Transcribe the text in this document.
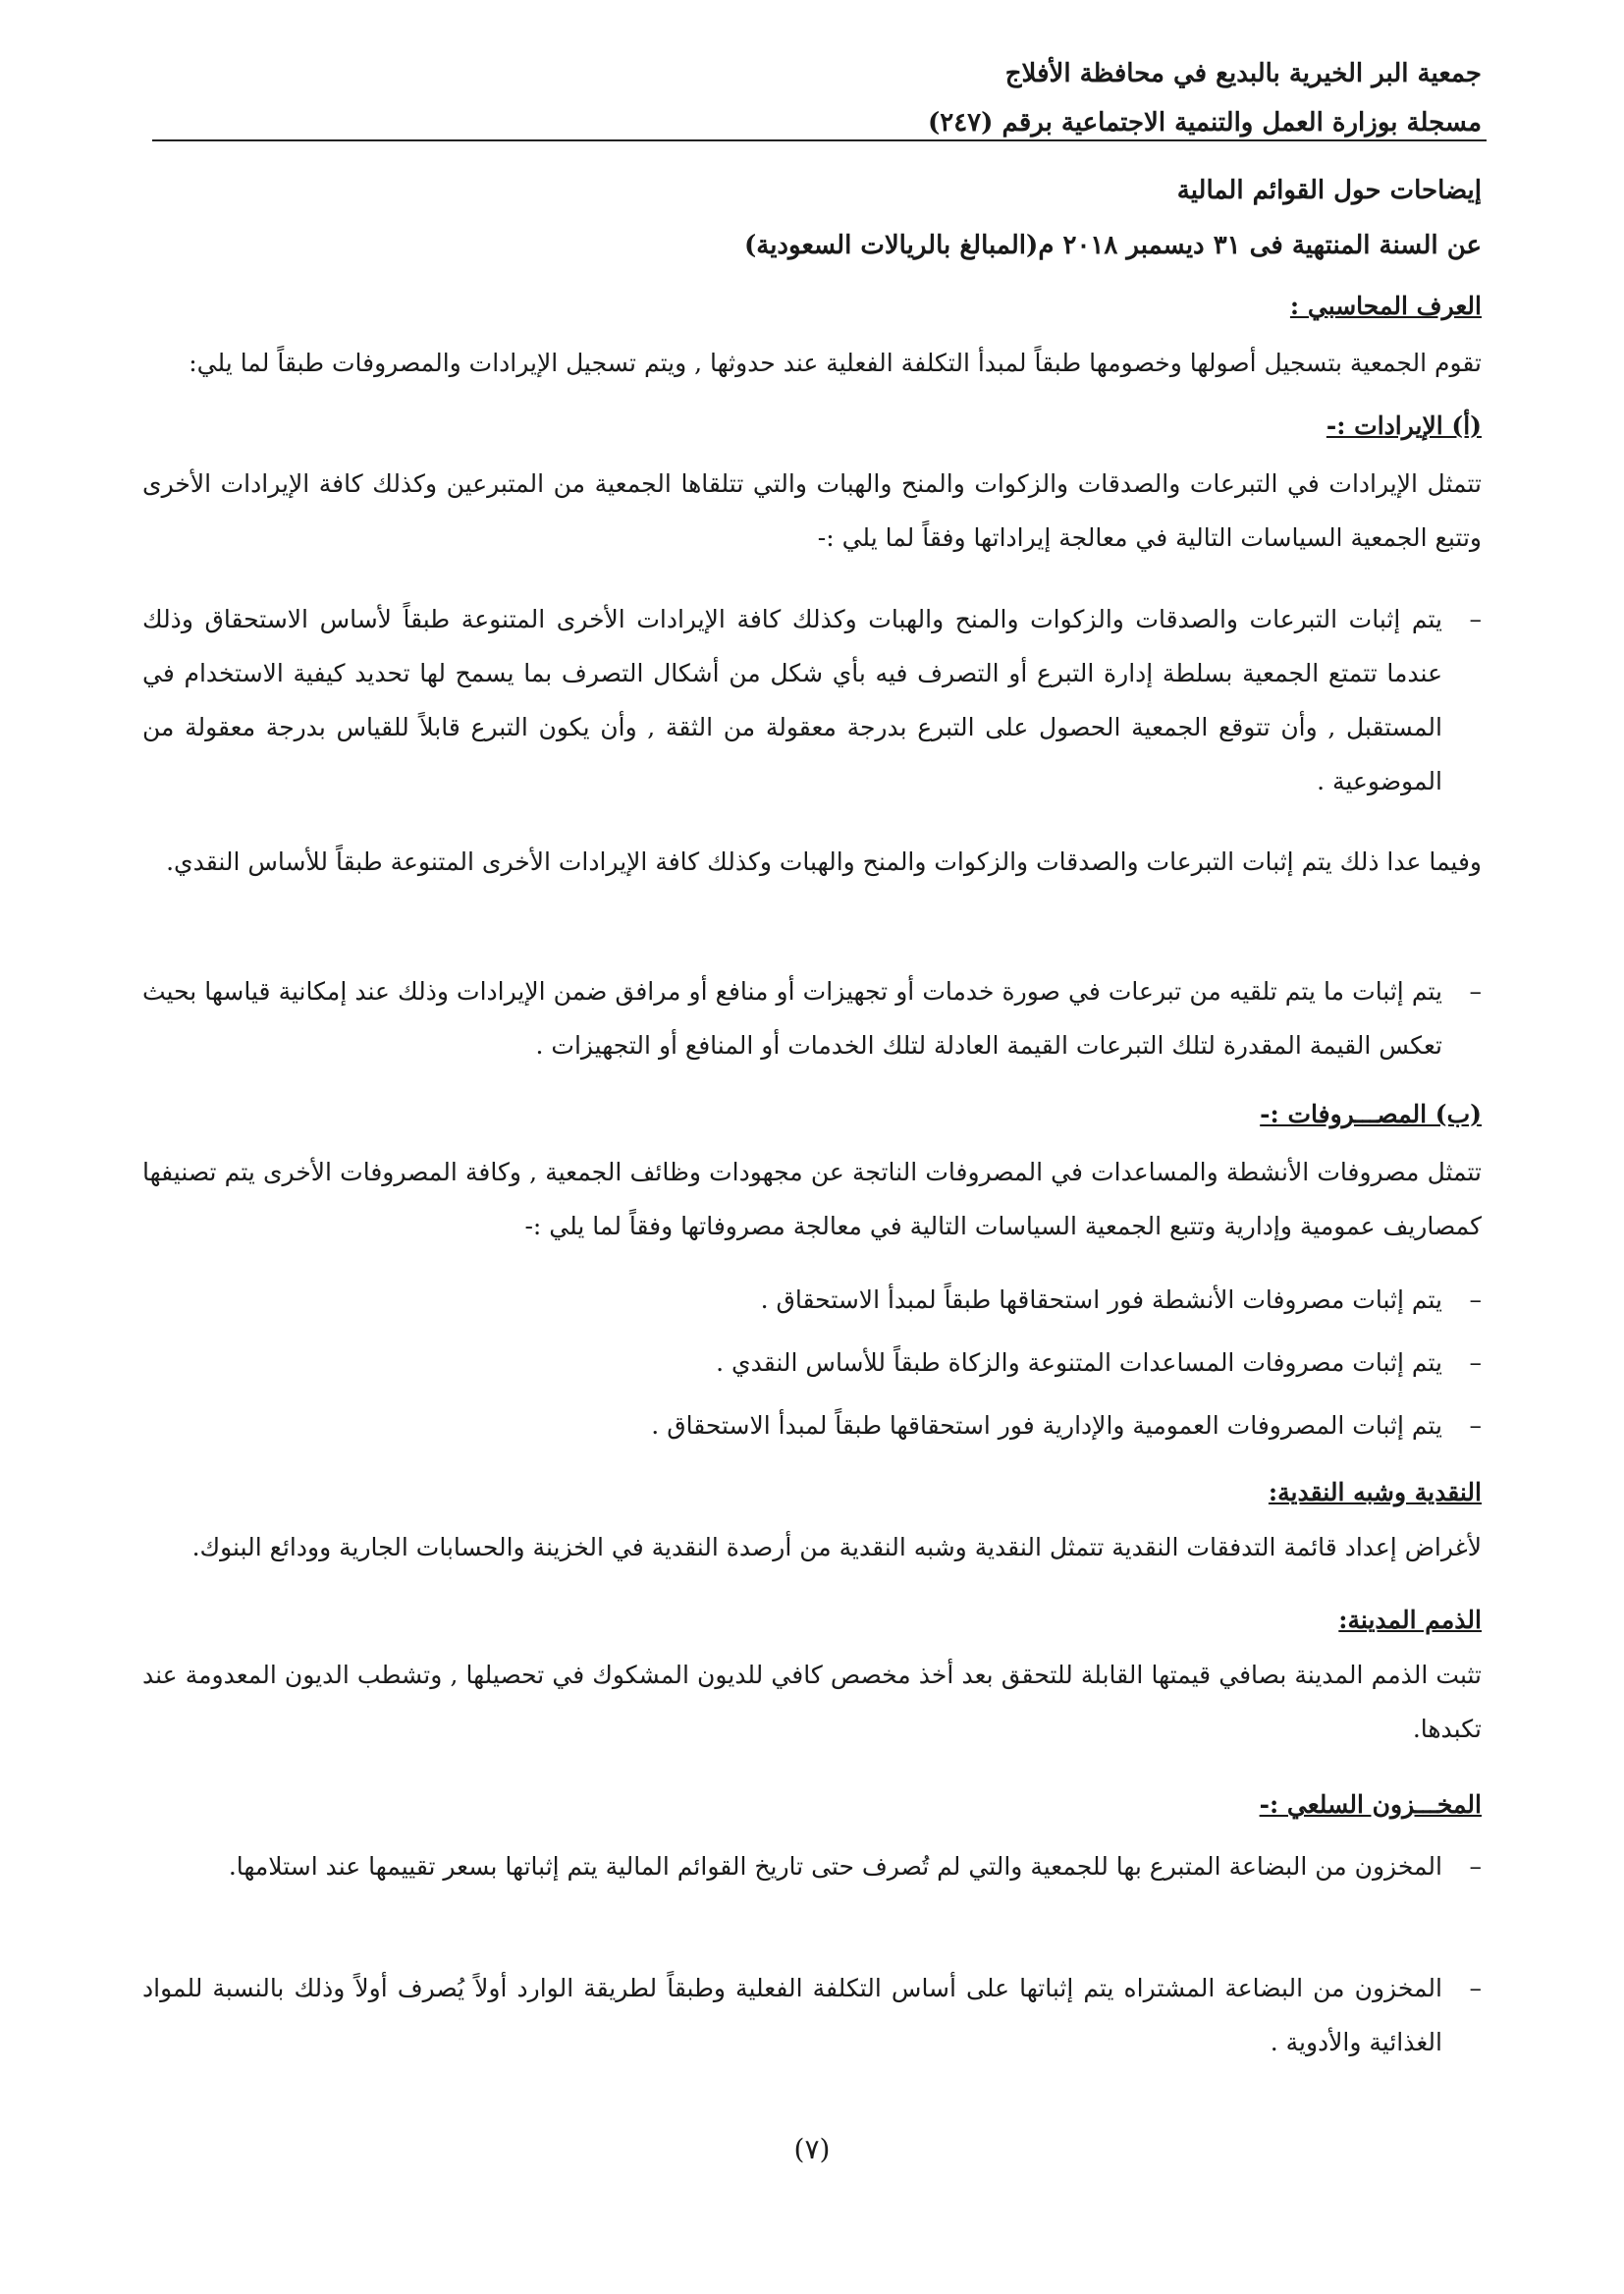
جمعية البر الخيرية بالبديع في محافظة الأفلاج
مسجلة بوزارة العمل والتنمية الاجتماعية برقم (٢٤٧)
إيضاحات حول القوائم المالية
عن السنة المنتهية فى ٣١ ديسمبر ٢٠١٨ م(المبالغ بالريالات السعودية)
العرف المحاسبي :
تقوم الجمعية بتسجيل أصولها وخصومها طبقاً لمبدأ التكلفة الفعلية عند حدوثها , ويتم تسجيل الإيرادات والمصروفات طبقاً لما يلي:
(أ) الإيرادات :-
تتمثل الإيرادات في التبرعات والصدقات والزكوات والمنح والهبات والتي تتلقاها الجمعية من المتبرعين وكذلك كافة الإيرادات الأخرى وتتبع الجمعية السياسات التالية في معالجة إيراداتها وفقاً لما يلي :-
–
يتم إثبات التبرعات والصدقات والزكوات والمنح والهبات وكذلك كافة الإيرادات الأخرى المتنوعة طبقاً لأساس الاستحقاق وذلك عندما تتمتع الجمعية بسلطة إدارة التبرع أو التصرف فيه بأي شكل من أشكال التصرف بما يسمح لها تحديد كيفية الاستخدام في المستقبل , وأن تتوقع الجمعية الحصول على التبرع بدرجة معقولة من الثقة , وأن يكون التبرع قابلاً للقياس بدرجة معقولة من الموضوعية .
وفيما عدا ذلك يتم إثبات التبرعات والصدقات والزكوات والمنح والهبات وكذلك كافة الإيرادات الأخرى المتنوعة طبقاً للأساس النقدي.
–
يتم إثبات ما يتم تلقيه من تبرعات في صورة خدمات أو تجهيزات أو منافع أو مرافق ضمن الإيرادات وذلك عند إمكانية قياسها بحيث تعكس القيمة المقدرة لتلك التبرعات القيمة العادلة لتلك الخدمات أو المنافع أو التجهيزات .
(ب) المصـــروفات :-
تتمثل مصروفات الأنشطة والمساعدات في المصروفات الناتجة عن مجهودات وظائف الجمعية , وكافة المصروفات الأخرى يتم تصنيفها كمصاريف عمومية وإدارية وتتبع الجمعية السياسات التالية في معالجة مصروفاتها وفقاً لما يلي :-
–
يتم إثبات مصروفات الأنشطة فور استحقاقها طبقاً لمبدأ الاستحقاق .
–
يتم إثبات مصروفات المساعدات المتنوعة والزكاة طبقاً للأساس النقدي .
–
يتم إثبات المصروفات العمومية والإدارية فور استحقاقها طبقاً لمبدأ الاستحقاق .
النقدية وشبه النقدية:
لأغراض إعداد قائمة التدفقات النقدية تتمثل النقدية وشبه النقدية من أرصدة النقدية في الخزينة والحسابات الجارية وودائع البنوك.
الذمم المدينة:
تثبت الذمم المدينة بصافي قيمتها القابلة للتحقق بعد أخذ مخصص كافي للديون المشكوك في تحصيلها , وتشطب الديون المعدومة عند تكبدها.
المخـــزون السلعي :-
–
المخزون من البضاعة المتبرع بها للجمعية والتي لم تُصرف حتى تاريخ القوائم المالية يتم إثباتها بسعر تقييمها عند استلامها.
–
المخزون من البضاعة المشتراه يتم إثباتها على أساس التكلفة الفعلية وطبقاً لطريقة الوارد أولاً يُصرف أولاً وذلك بالنسبة للمواد الغذائية والأدوية .
(٧)
